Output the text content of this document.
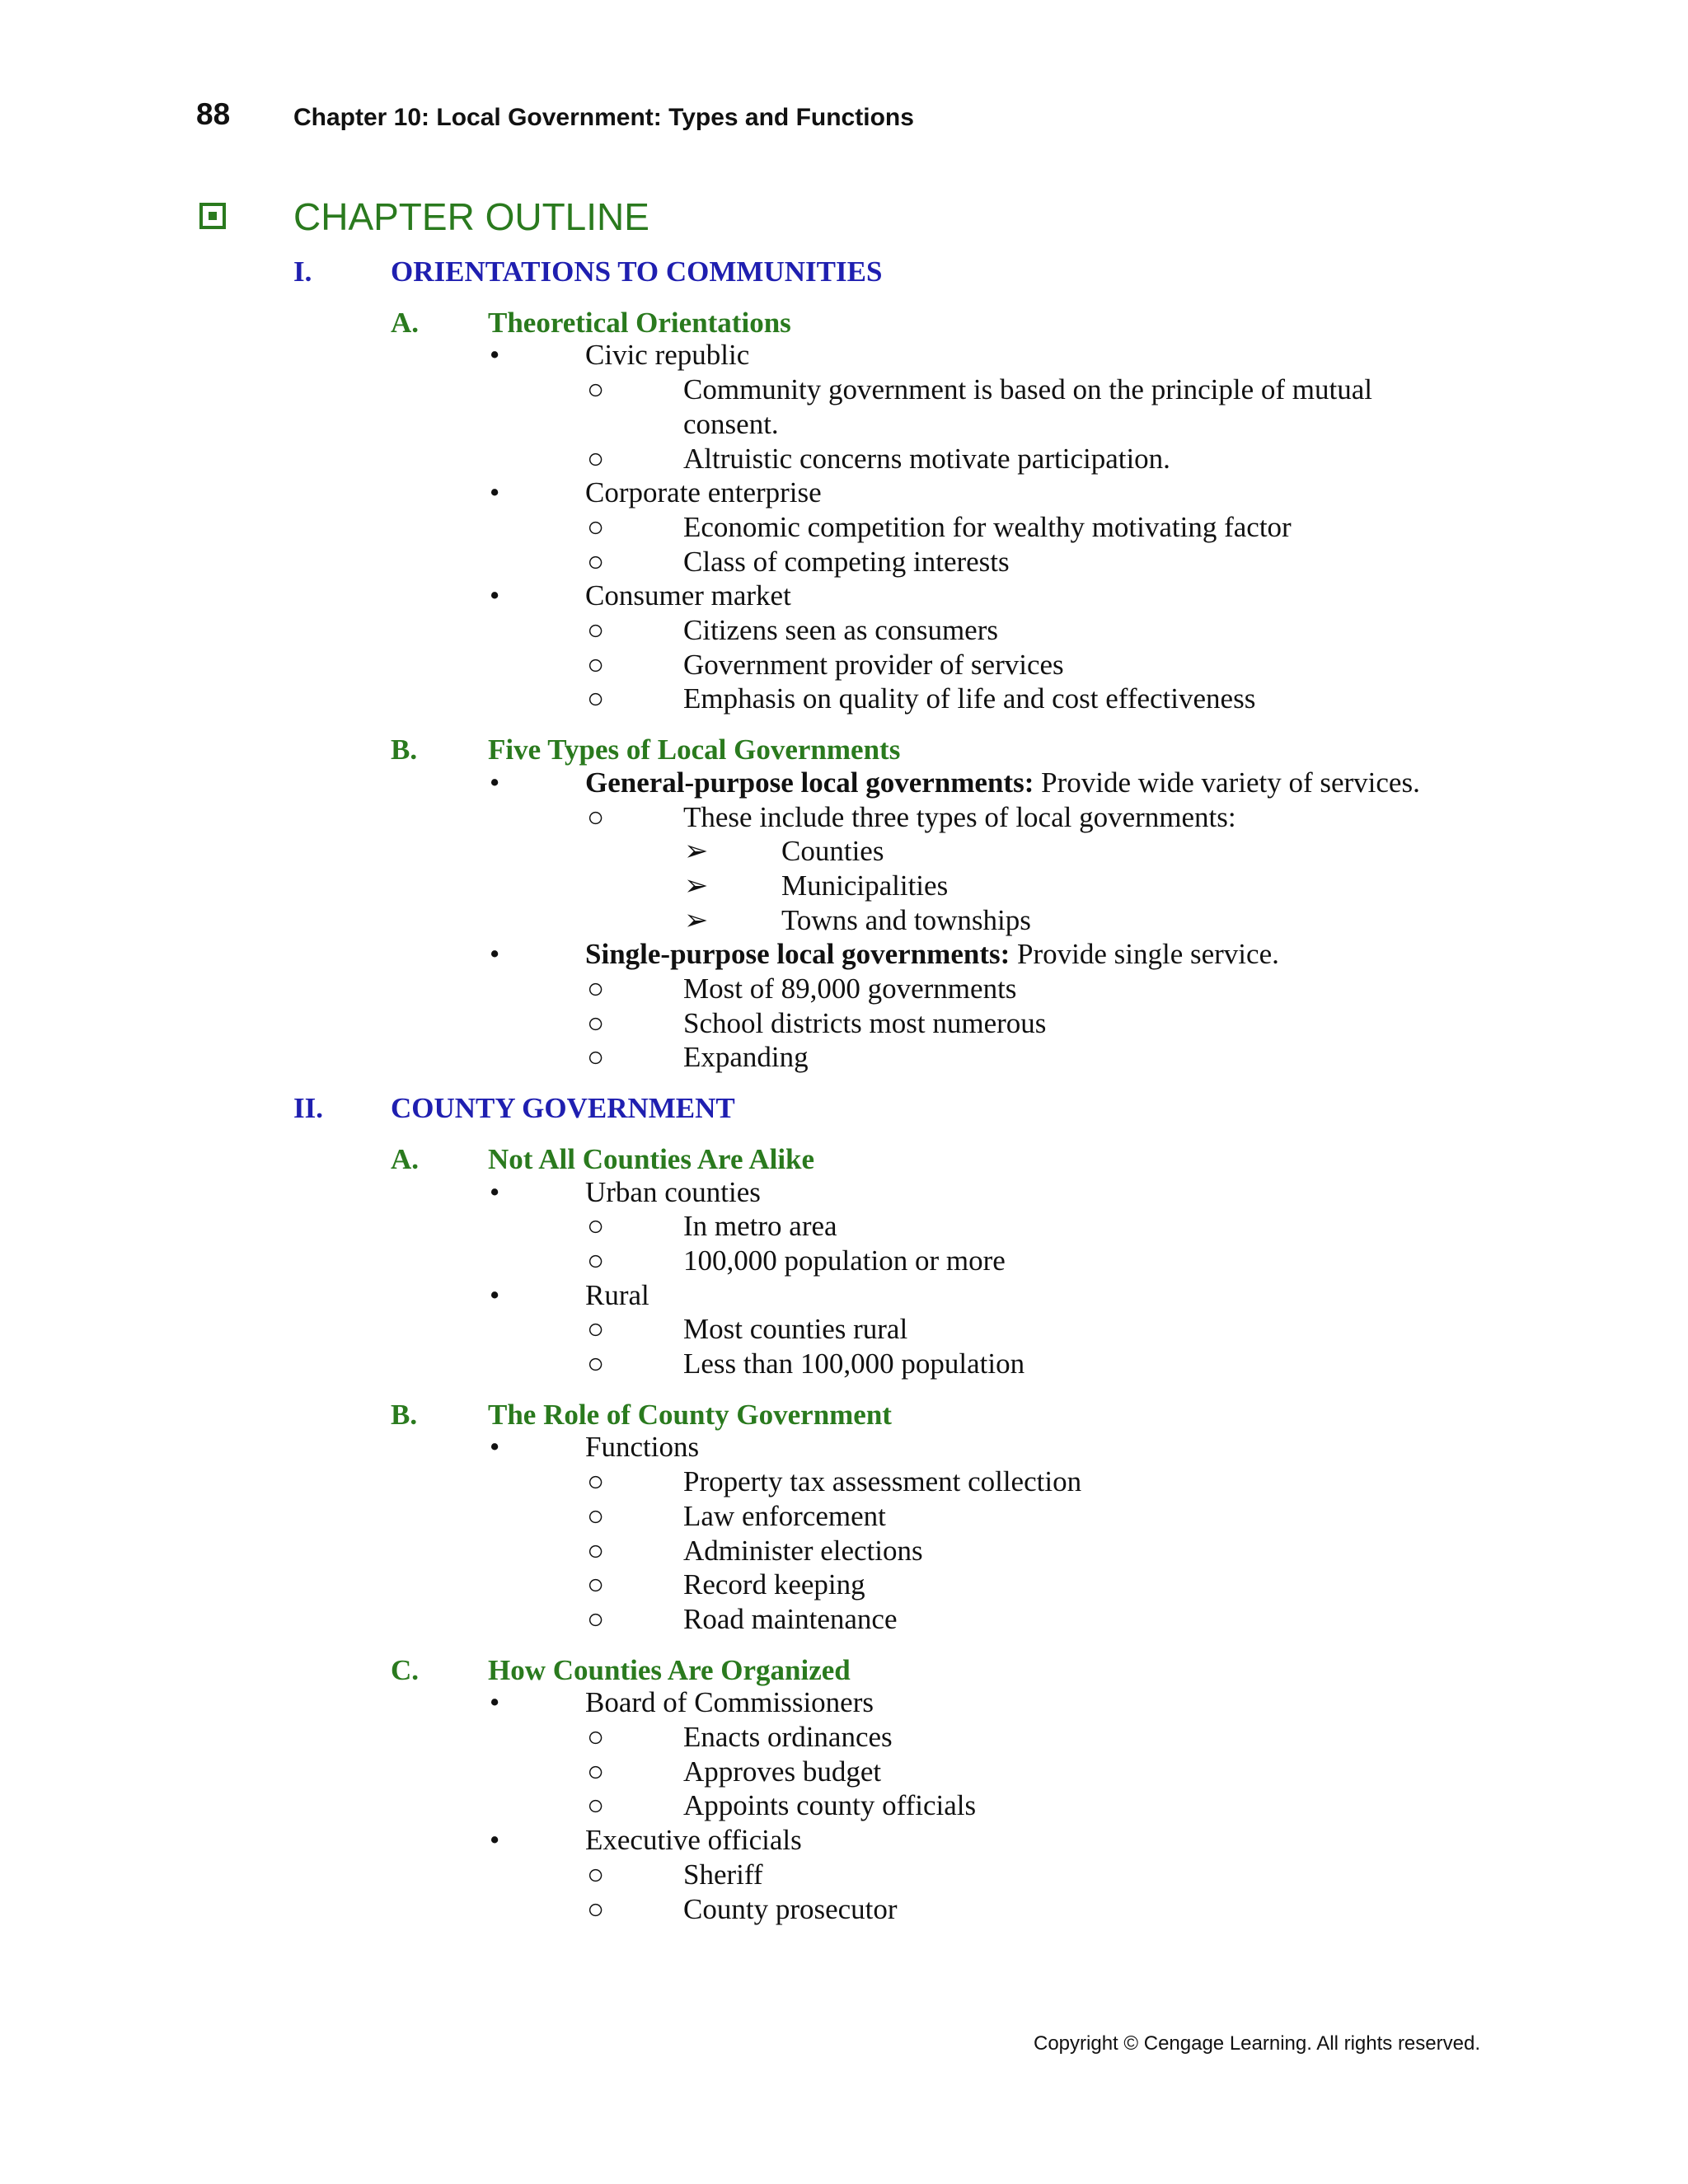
88	Chapter 10: Local Government: Types and Functions
CHAPTER OUTLINE
I.	ORIENTATIONS TO COMMUNITIES
A. Theoretical Orientations
•	Civic republic
○	Community government is based on the principle of mutual
consent.
○	Altruistic concerns motivate participation.
•	Corporate enterprise
○	Economic competition for wealthy motivating factor
○	Class of competing interests
•	Consumer market
○	Citizens seen as consumers
○	Government provider of services
○	Emphasis on quality of life and cost effectiveness
B. Five Types of Local Governments
•	General-purpose local governments: Provide wide variety of services.
○	These include three types of local governments:
➢	Counties
➢	Municipalities
➢	Towns and townships
•	Single-purpose local governments: Provide single service.
○	Most of 89,000 governments
○	School districts most numerous
○	Expanding
II. COUNTY GOVERNMENT
A. Not All Counties Are Alike
•	Urban counties
○	In metro area
○	100,000 population or more
•	Rural
○	Most counties rural
○	Less than 100,000 population
B. The Role of County Government
•	Functions
○	Property tax assessment collection
○	Law enforcement
○	Administer elections
○	Record keeping
○	Road maintenance
C. How Counties Are Organized
•	Board of Commissioners
○	Enacts ordinances
○	Approves budget
○	Appoints county officials
•	Executive officials
○	Sheriff
○	County prosecutor
Copyright © Cengage Learning. All rights reserved.
